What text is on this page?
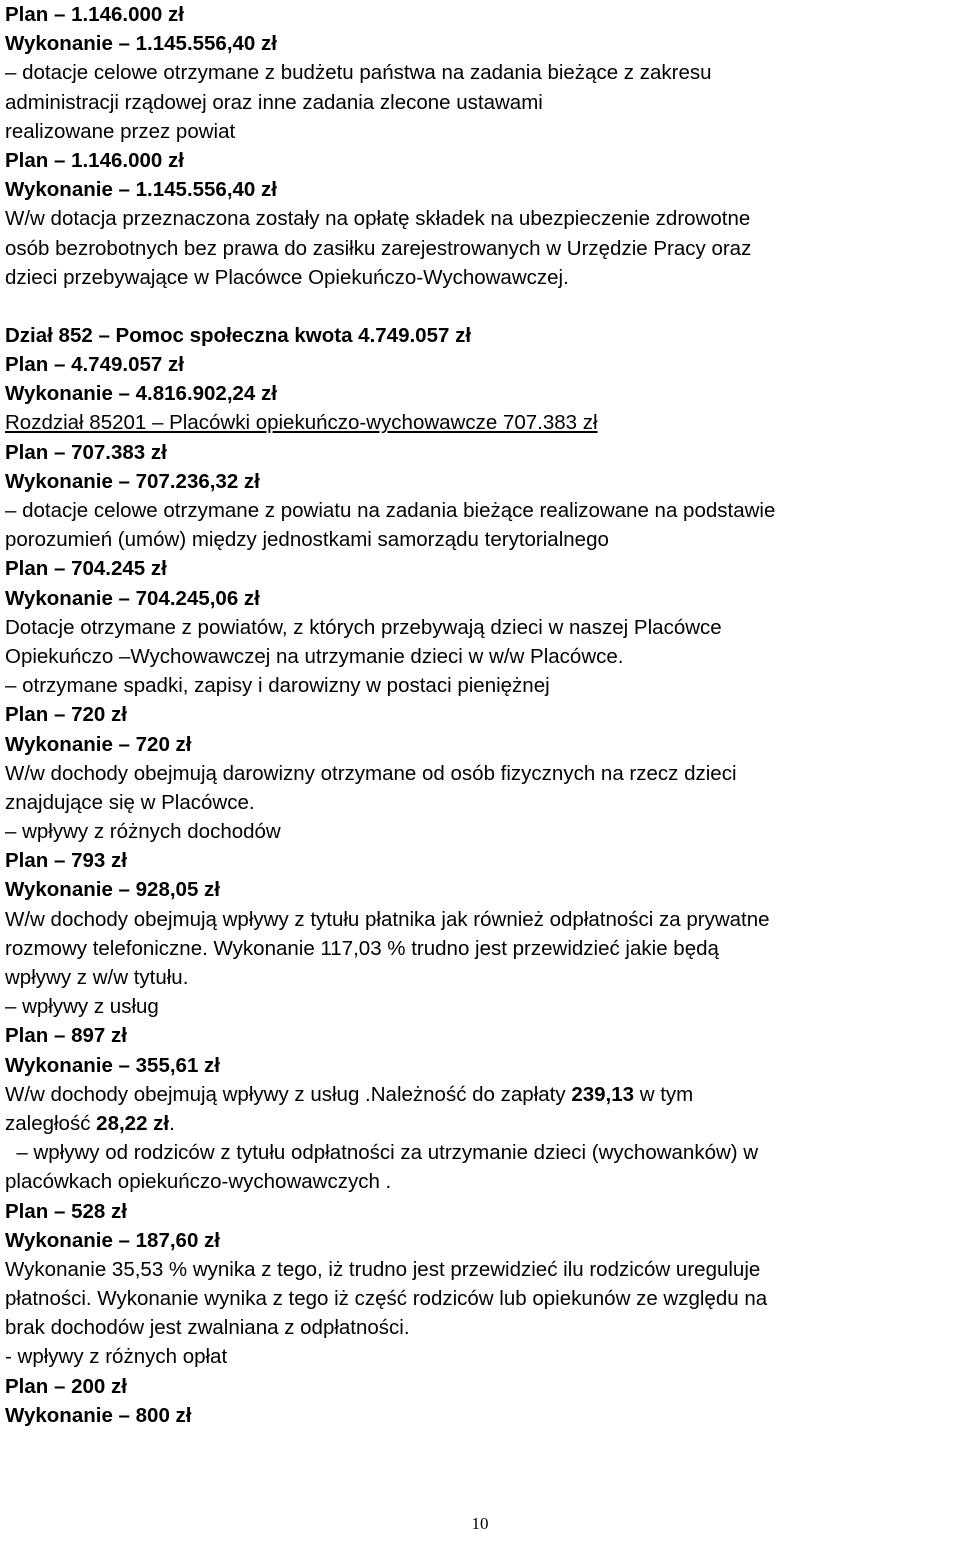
Plan – 1.146.000 zł
Wykonanie – 1.145.556,40 zł
– dotacje celowe otrzymane z budżetu państwa na zadania bieżące z zakresu
administracji rządowej oraz inne zadania zlecone ustawami
realizowane przez powiat
Plan – 1.146.000 zł
Wykonanie – 1.145.556,40 zł
W/w dotacja przeznaczona zostały na opłatę składek na ubezpieczenie zdrowotne
osób bezrobotnych bez prawa do zasiłku zarejestrowanych w Urzędzie Pracy oraz
dzieci przebywające w Placówce Opiekuńczo-Wychowawczej.
Dział 852 – Pomoc społeczna kwota 4.749.057 zł
Plan – 4.749.057 zł
Wykonanie – 4.816.902,24 zł
Rozdział 85201 – Placówki opiekuńczo-wychowawcze 707.383 zł
Plan – 707.383 zł
Wykonanie – 707.236,32 zł
– dotacje celowe otrzymane z powiatu na zadania bieżące realizowane na podstawie
porozumień (umów) między jednostkami samorządu terytorialnego
Plan – 704.245 zł
Wykonanie – 704.245,06 zł
Dotacje otrzymane z powiatów, z których przebywają dzieci w naszej Placówce
Opiekuńczo –Wychowawczej na utrzymanie dzieci w w/w Placówce.
– otrzymane spadki, zapisy i darowizny w postaci pieniężnej
Plan – 720 zł
Wykonanie – 720 zł
W/w dochody obejmują darowizny otrzymane od osób fizycznych na rzecz dzieci
znajdujące się w Placówce.
– wpływy z różnych dochodów
Plan – 793 zł
Wykonanie – 928,05 zł
W/w dochody obejmują wpływy z tytułu płatnika jak również odpłatności za prywatne
rozmowy telefoniczne. Wykonanie 117,03 % trudno jest przewidzieć jakie będą
wpływy z w/w tytułu.
– wpływy z usług
Plan – 897 zł
Wykonanie – 355,61 zł
W/w dochody obejmują wpływy z usług .Należność do zapłaty 239,13 w tym
zaległość 28,22 zł.
– wpływy od rodziców z tytułu odpłatności za utrzymanie dzieci (wychowanków) w
placówkach opiekuńczo-wychowawczych .
Plan – 528 zł
Wykonanie – 187,60 zł
Wykonanie 35,53 % wynika z tego, iż trudno jest przewidzieć ilu rodziców ureguluje
płatności. Wykonanie wynika z tego iż część rodziców lub opiekunów ze względu na
brak dochodów jest zwalniana z odpłatności.
- wpływy z różnych opłat
Plan – 200 zł
Wykonanie – 800 zł
10
